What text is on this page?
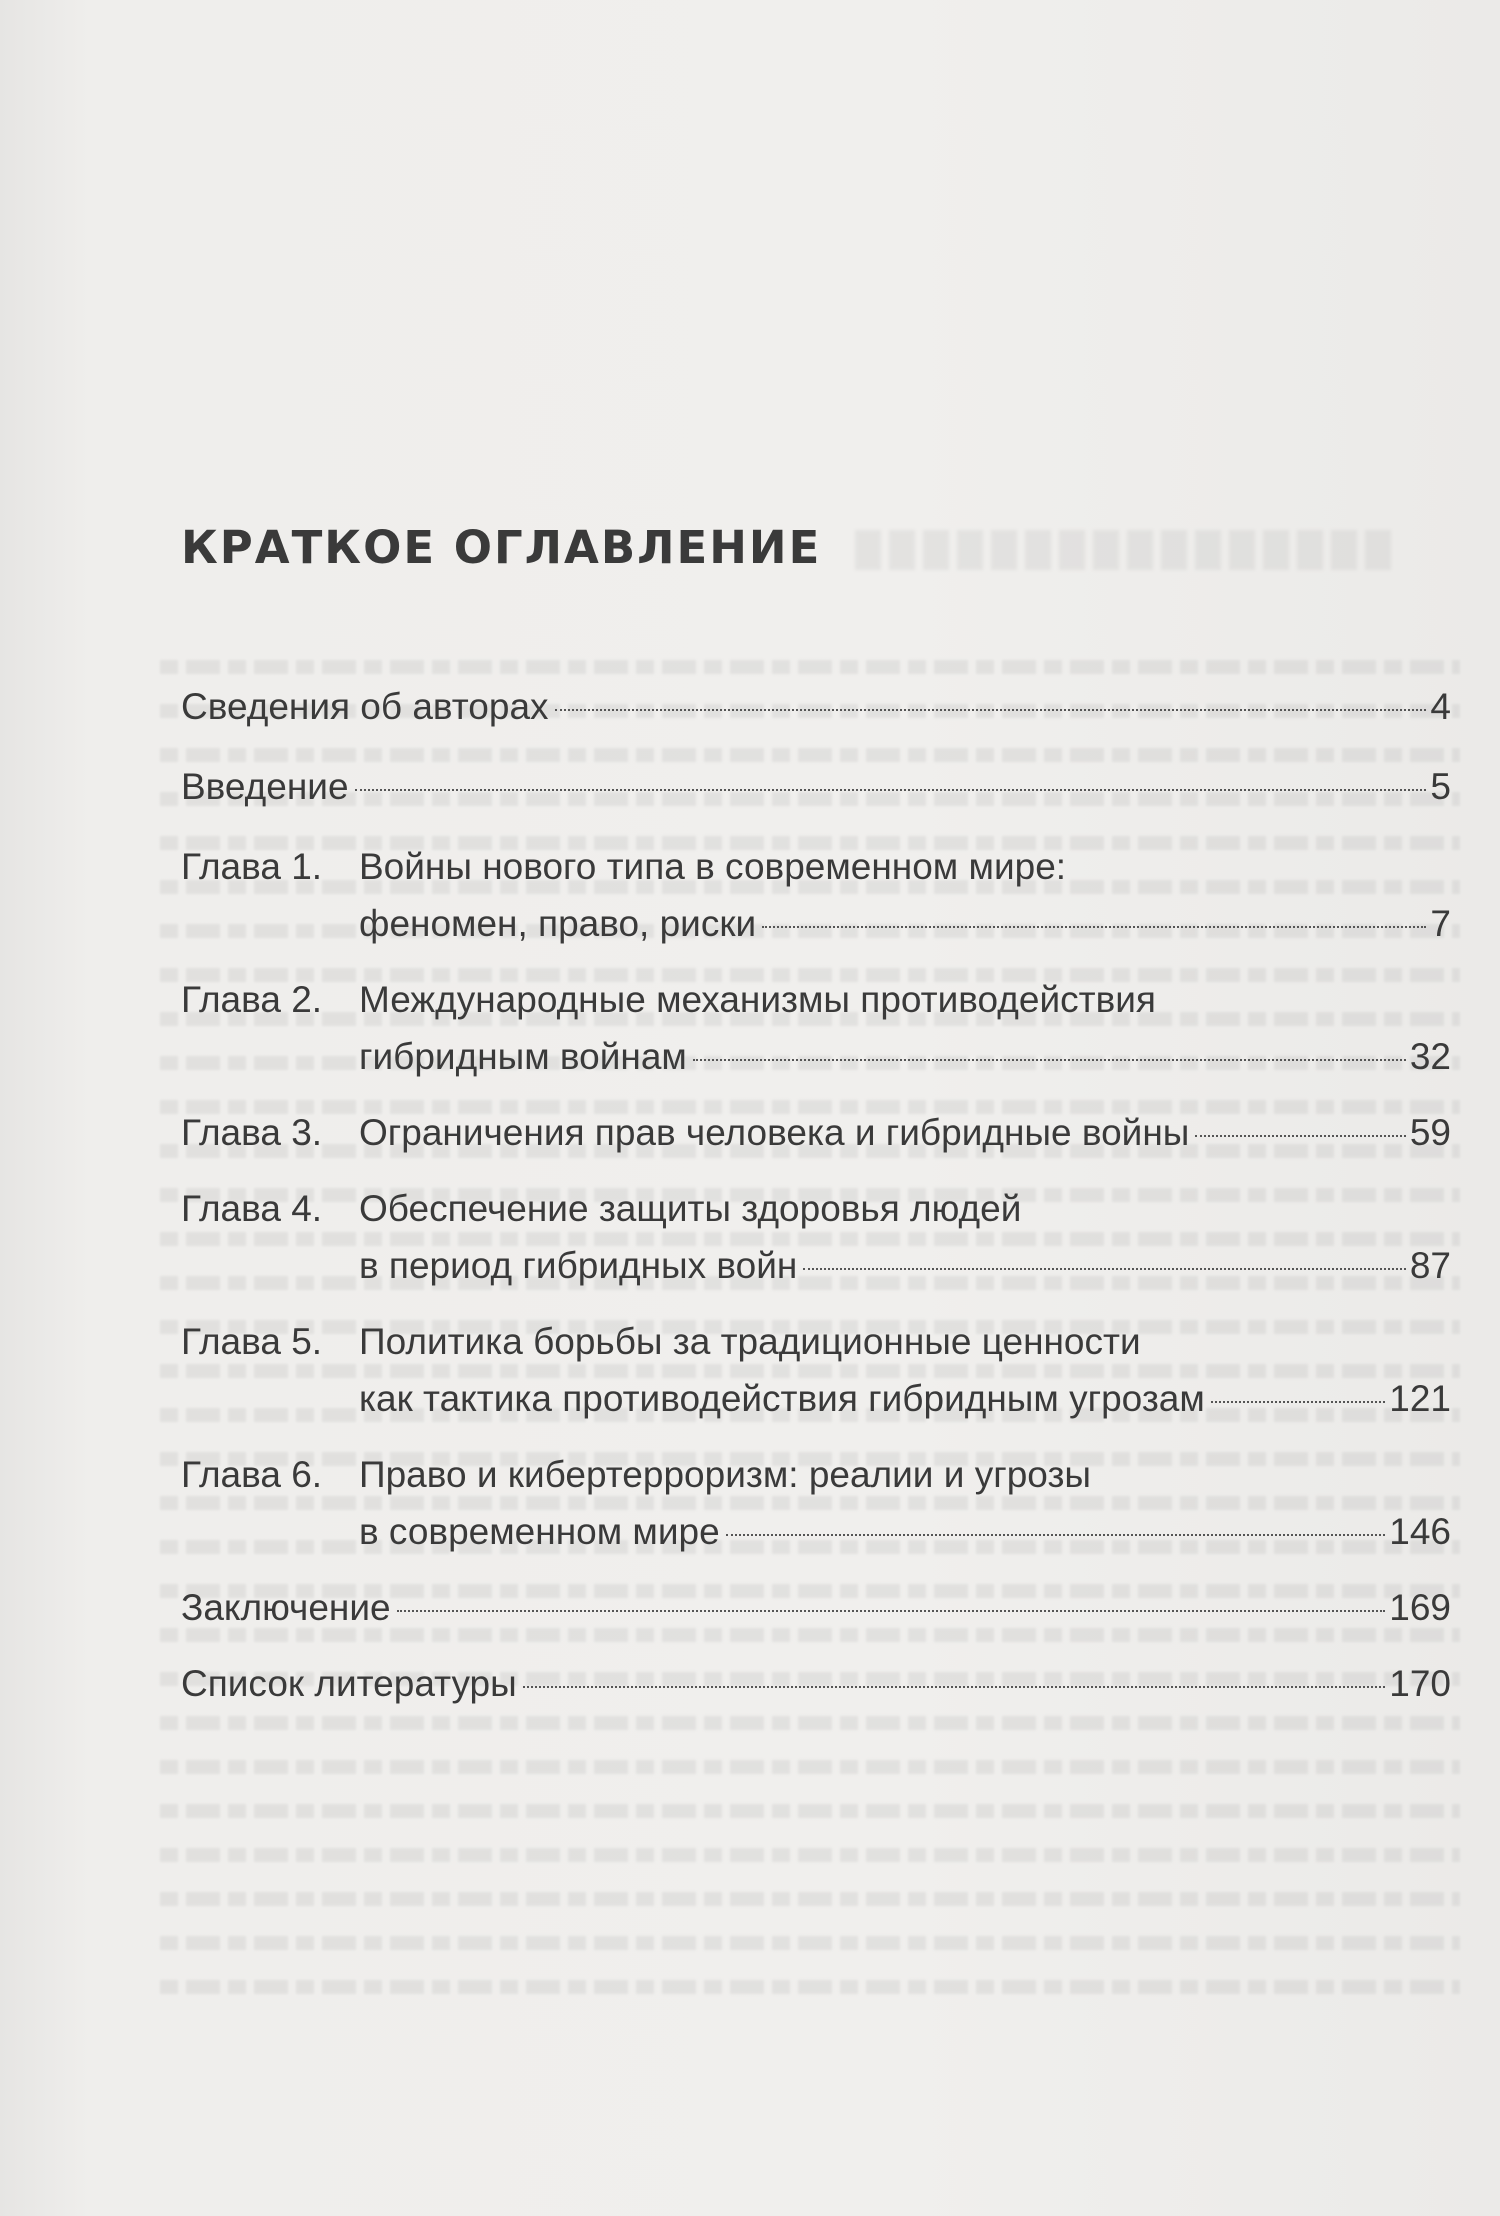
КРАТКОЕ ОГЛАВЛЕНИЕ
Сведения об авторах	4
Введение	5
Глава 1. Войны нового типа в современном мире:
феномен, право, риски	7
Глава 2. Международные механизмы противодействия
гибридным войнам	32
Глава 3. Ограничения прав человека и гибридные войны	59
Глава 4. Обеспечение защиты здоровья людей
в период гибридных войн	87
Глава 5. Политика борьбы за традиционные ценности
как тактика противодействия гибридным угрозам	121
Глава 6. Право и кибертерроризм: реалии и угрозы
в современном мире	146
Заключение	169
Список литературы	170
